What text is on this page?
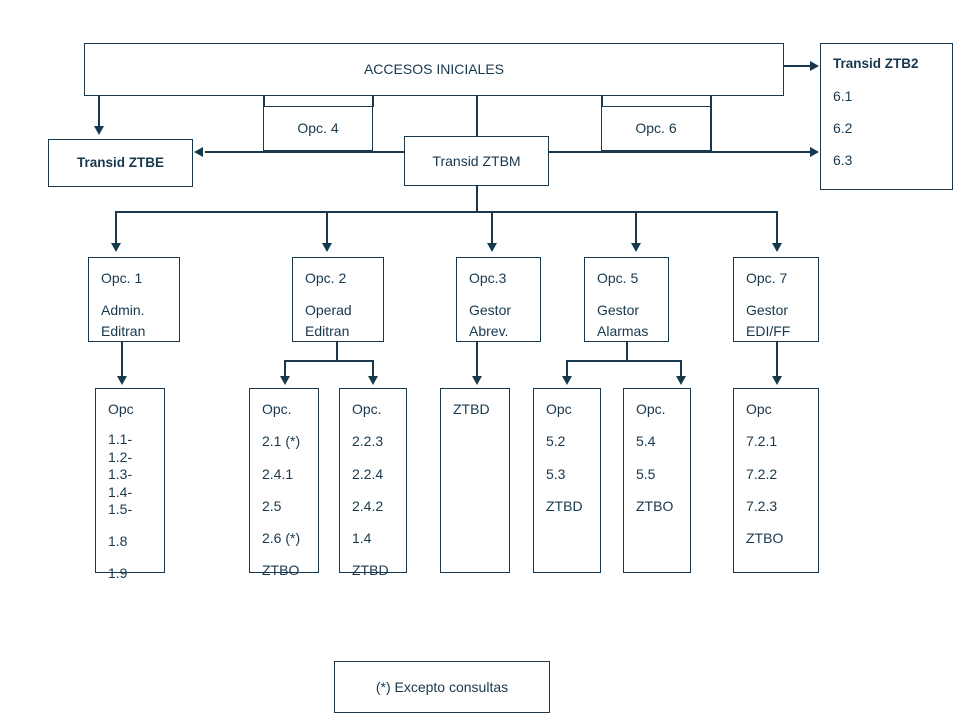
ACCESOS INICIALES	Transid ZTB2
6.1
6.2
6.3
Opc. 4	Opc. 6
Transid ZTBE	Transid ZTBM
Opc. 1
Admin.
Editran
Opc. 2
Operad
Editran
Opc.3
Gestor
Abrev.
Opc. 5
Gestor
Alarmas
Opc. 7
Gestor
EDI/FF
Opc
1.1-
1.2-
1.3-
1.4-
1.5-
1.8
1.9
Opc.
2.1 (*)
2.4.1
2.5
2.6 (*)
ZTBO
Opc.
2.2.3
2.2.4
2.4.2
1.4
ZTBD
ZTBD	Opc
5.2
5.3
ZTBD
Opc.
5.4
5.5
ZTBO
Opc
7.2.1
7.2.2
7.2.3
ZTBO
(*) Excepto consultas
